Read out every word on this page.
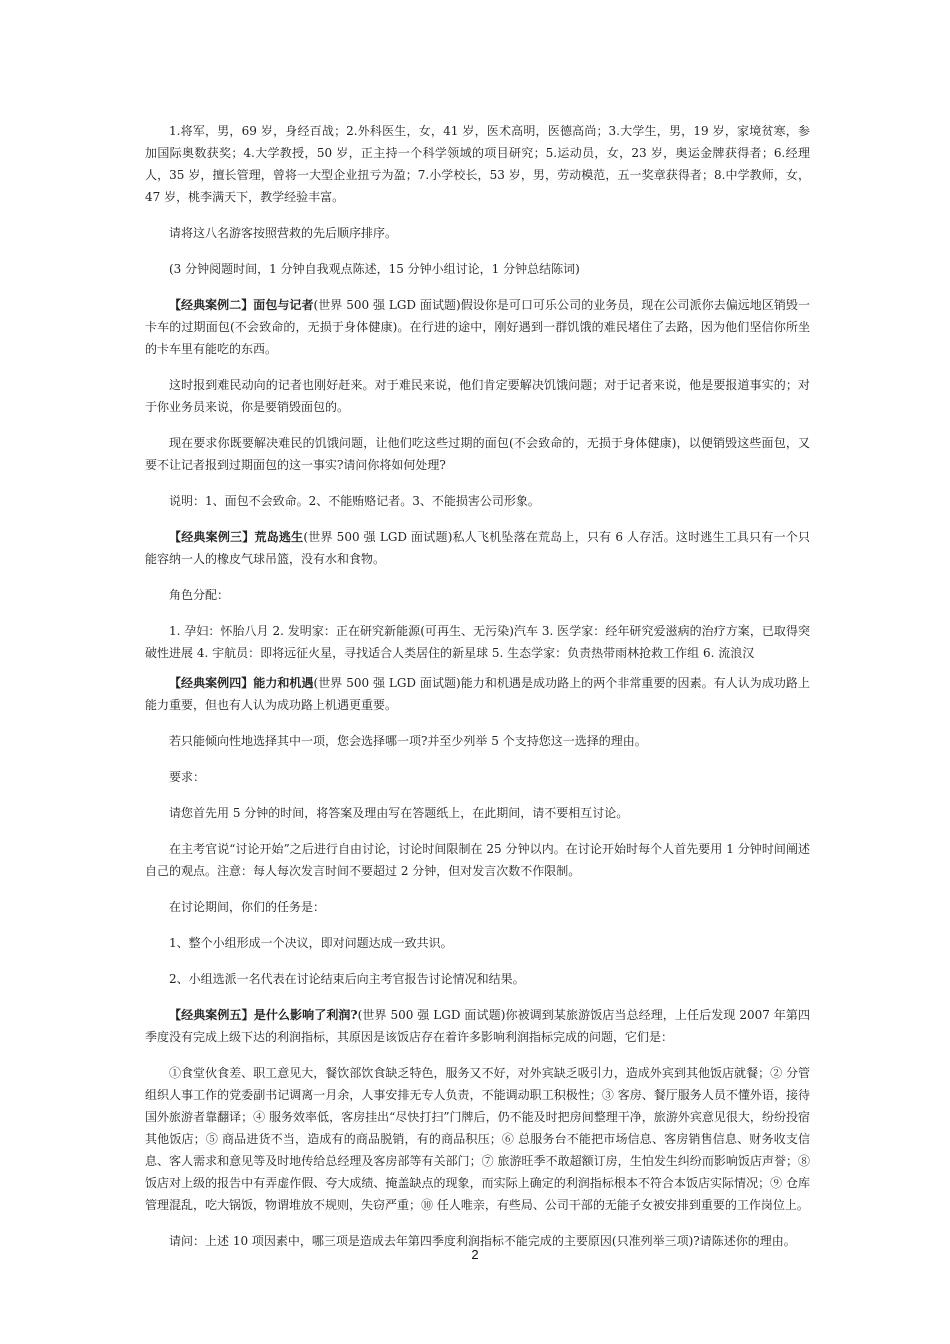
1.将军，男，69 岁，身经百战；2.外科医生，女，41 岁，医术高明，医德高尚；3.大学生，男，19 岁，家境贫寒，参加国际奥数获奖；4.大学教授，50 岁，正主持一个科学领域的项目研究；5.运动员，女，23 岁，奥运金牌获得者；6.经理人，35 岁，擅长管理，曾将一大型企业扭亏为盈；7.小学校长，53 岁，男，劳动模范，五一奖章获得者；8.中学教师，女，47 岁，桃李满天下，教学经验丰富。

请将这八名游客按照营救的先后顺序排序。

(3 分钟阅题时间，1 分钟自我观点陈述，15 分钟小组讨论，1 分钟总结陈词)

【经典案例二】面包与记者(世界 500 强 LGD 面试题)假设你是可口可乐公司的业务员，现在公司派你去偏远地区销毁一卡车的过期面包(不会致命的，无损于身体健康)。在行进的途中，刚好遇到一群饥饿的难民堵住了去路，因为他们坚信你所坐的卡车里有能吃的东西。

这时报到难民动向的记者也刚好赶来。对于难民来说，他们肯定要解决饥饿问题；对于记者来说，他是要报道事实的；对于你业务员来说，你是要销毁面包的。

现在要求你既要解决难民的饥饿问题，让他们吃这些过期的面包(不会致命的，无损于身体健康)，以便销毁这些面包，又要不让记者报到过期面包的这一事实?请问你将如何处理?

说明：1、面包不会致命。2、不能贿赂记者。3、不能损害公司形象。

【经典案例三】荒岛逃生(世界 500 强 LGD 面试题)私人飞机坠落在荒岛上，只有 6 人存活。这时逃生工具只有一个只能容纳一人的橡皮气球吊篮，没有水和食物。

角色分配：

1. 孕妇：怀胎八月 2. 发明家：正在研究新能源(可再生、无污染)汽车 3. 医学家：经年研究爱滋病的治疗方案，已取得突破性进展 4. 宇航员：即将远征火星，寻找适合人类居住的新星球 5. 生态学家：负责热带雨林抢救工作组 6. 流浪汉

【经典案例四】能力和机遇(世界 500 强 LGD 面试题)能力和机遇是成功路上的两个非常重要的因素。有人认为成功路上能力重要，但也有人认为成功路上机遇更重要。

若只能倾向性地选择其中一项，您会选择哪一项?并至少列举 5 个支持您这一选择的理由。

要求：

请您首先用 5 分钟的时间，将答案及理由写在答题纸上，在此期间，请不要相互讨论。

在主考官说“讨论开始”之后进行自由讨论，讨论时间限制在 25 分钟以内。在讨论开始时每个人首先要用 1 分钟时间阐述自己的观点。注意：每人每次发言时间不要超过 2 分钟，但对发言次数不作限制。

在讨论期间，你们的任务是：

1、整个小组形成一个决议，即对问题达成一致共识。

2、小组选派一名代表在讨论结束后向主考官报告讨论情况和结果。

【经典案例五】是什么影响了利润?(世界 500 强 LGD 面试题)你被调到某旅游饭店当总经理，上任后发现 2007 年第四季度没有完成上级下达的利润指标，其原因是该饭店存在着许多影响利润指标完成的问题，它们是：

①食堂伙食差、职工意见大，餐饮部饮食缺乏特色，服务又不好，对外宾缺乏吸引力，造成外宾到其他饭店就餐；② 分管组织人事工作的党委副书记调离一月余，人事安排无专人负责，不能调动职工积极性；③ 客房、餐厅服务人员不懂外语，接待国外旅游者靠翻译；④ 服务效率低，客房挂出“尽快打扫”门牌后，仍不能及时把房间整理干净，旅游外宾意见很大，纷纷投宿其他饭店；⑤ 商品进货不当，造成有的商品脱销，有的商品积压；⑥ 总服务台不能把市场信息、客房销售信息、财务收支信息、客人需求和意见等及时地传给总经理及客房部等有关部门；⑦ 旅游旺季不敢超额订房，生怕发生纠纷而影响饭店声誉；⑧ 饭店对上级的报告中有弄虚作假、夸大成绩、掩盖缺点的现象，而实际上确定的利润指标根本不符合本饭店实际情况；⑨ 仓库管理混乱，吃大锅饭，物谓堆放不规则，失窃严重；⑩ 任人唯亲，有些局、公司干部的无能子女被安排到重要的工作岗位上。

请问：上述 10 项因素中，哪三项是造成去年第四季度利润指标不能完成的主要原因(只准列举三项)?请陈述你的理由。

2
